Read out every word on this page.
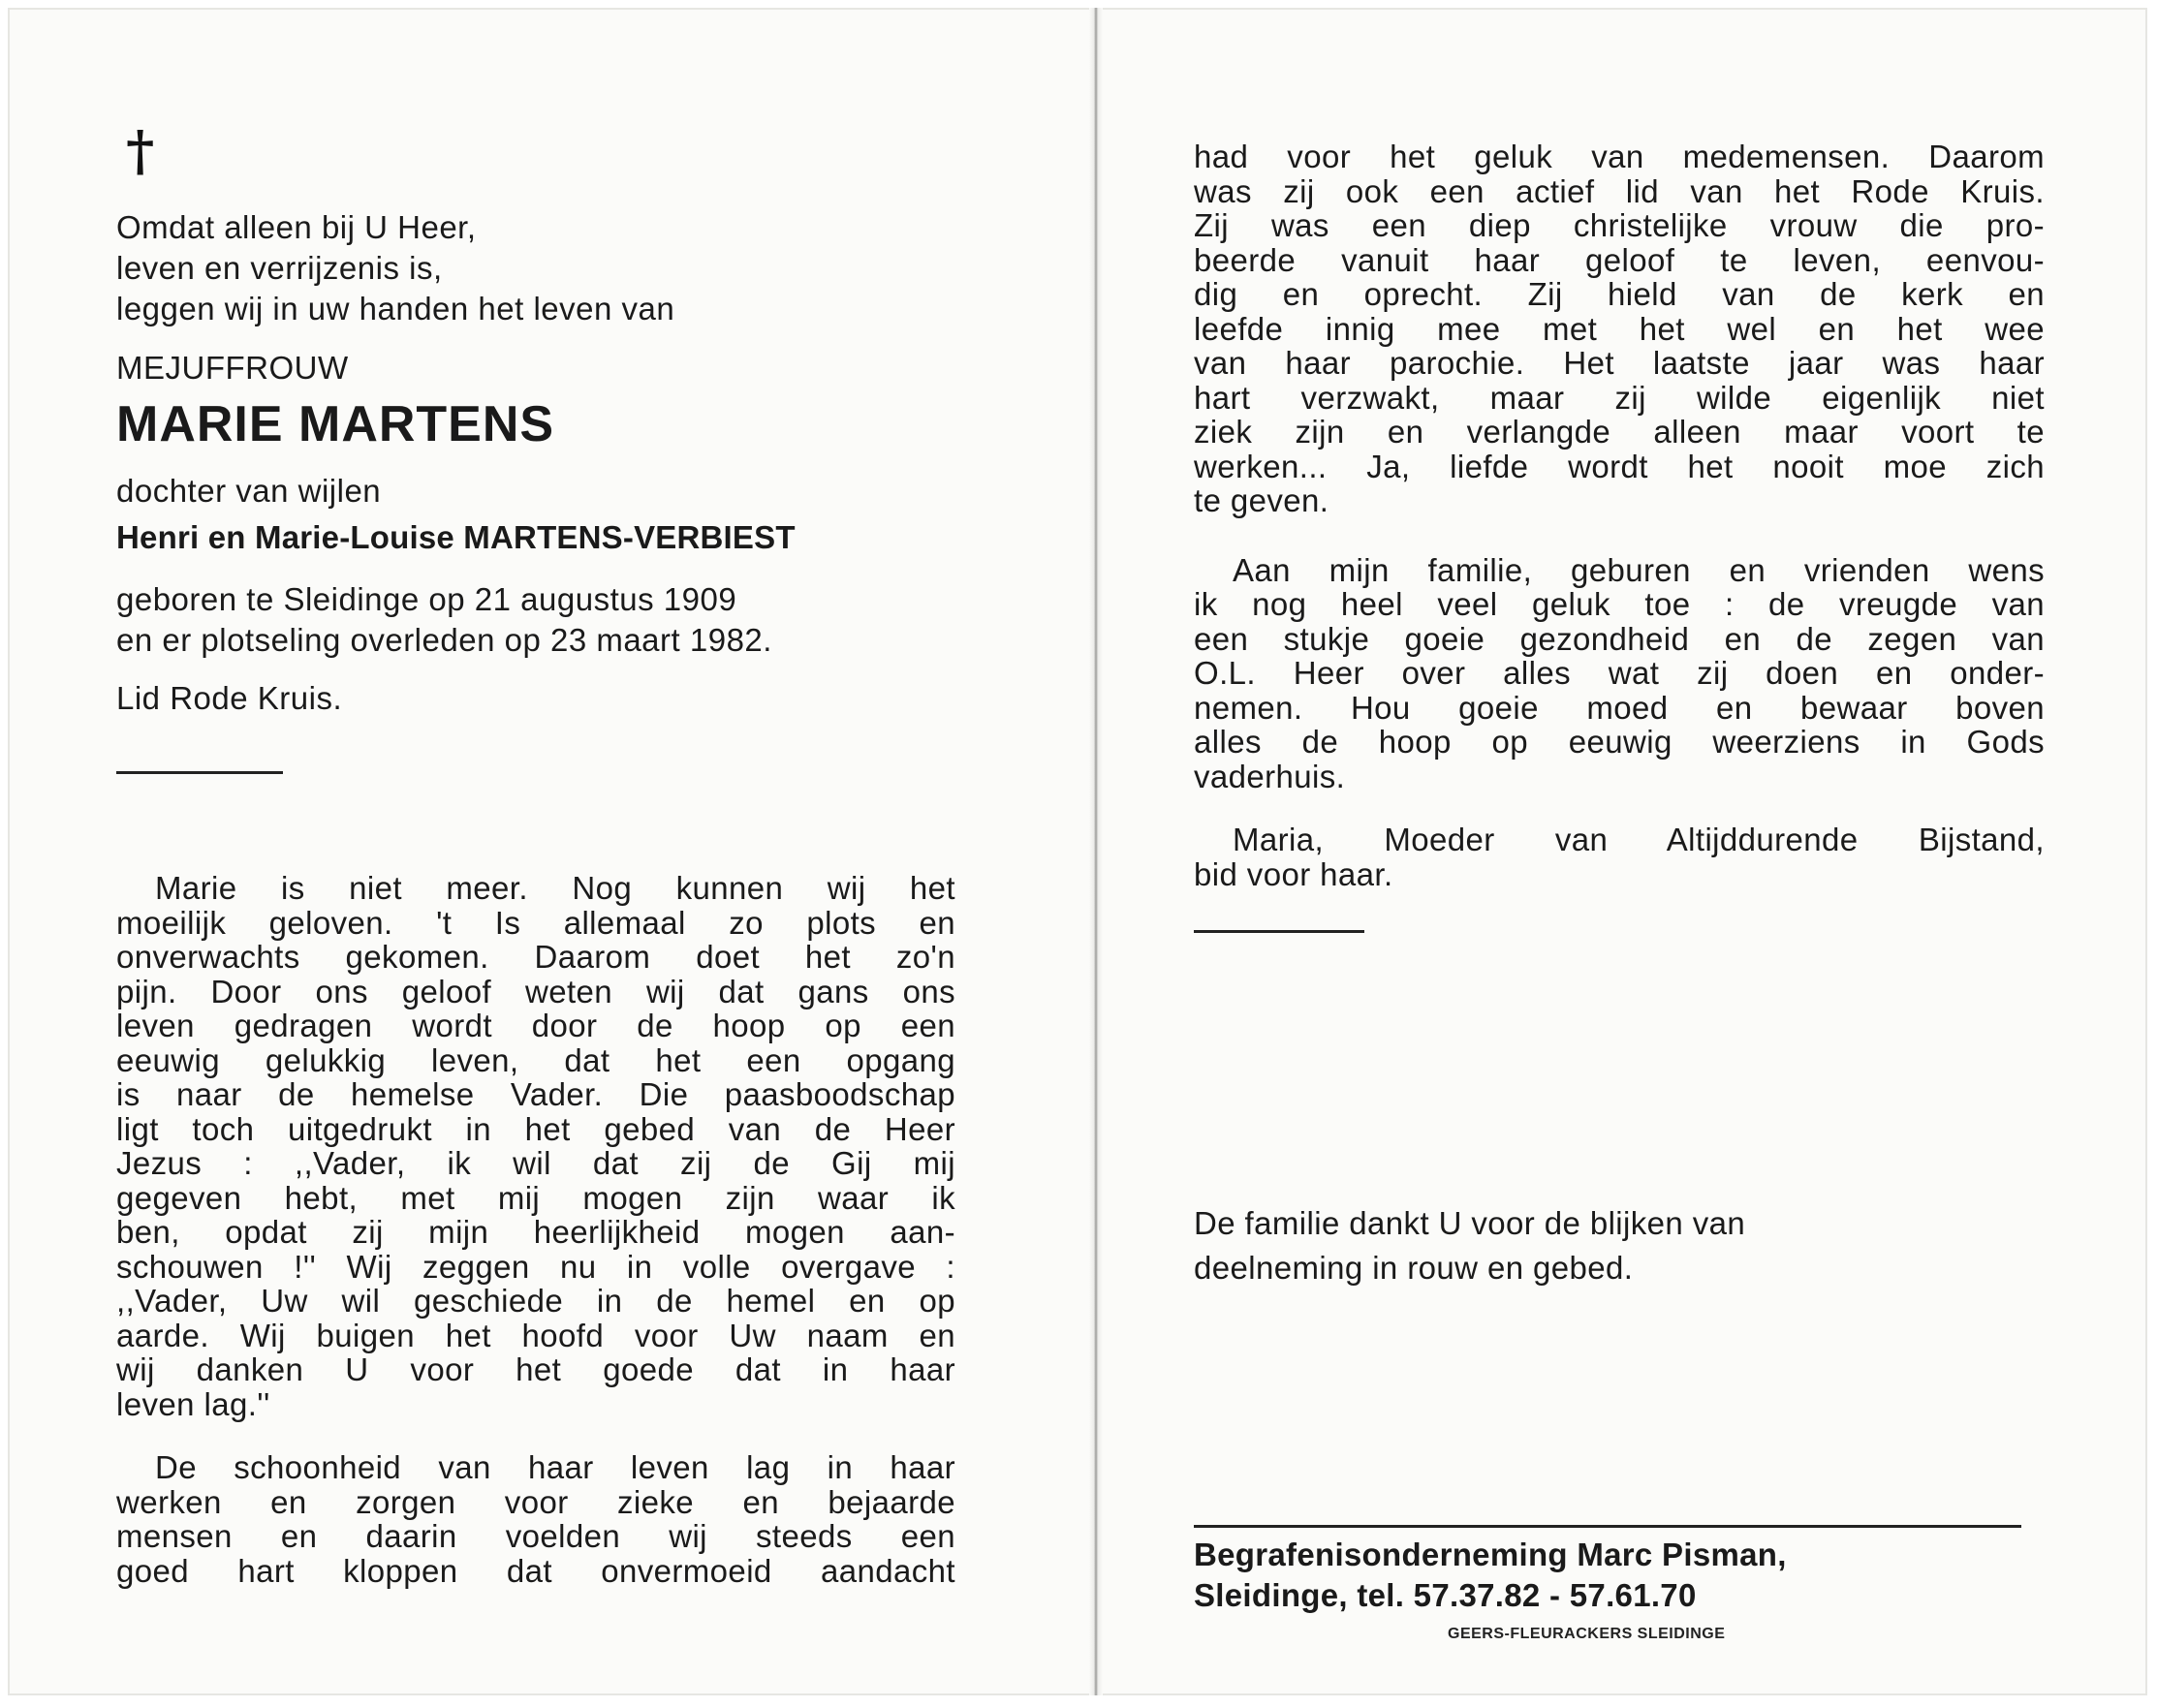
†
Omdat alleen bij U Heer,
leven en verrijzenis is,
leggen wij in uw handen het leven van
MEJUFFROUW
MARIE MARTENS
dochter van wijlen
Henri en Marie-Louise MARTENS-VERBIEST
geboren te Sleidinge op 21 augustus 1909
en er plotseling overleden op 23 maart 1982.
Lid Rode Kruis.
Marie is niet meer. Nog kunnen wij het
moeilijk geloven. 't Is allemaal zo plots en
onverwachts gekomen. Daarom doet het zo'n
pijn. Door ons geloof weten wij dat gans ons
leven gedragen wordt door de hoop op een
eeuwig gelukkig leven, dat het een opgang
is naar de hemelse Vader. Die paasboodschap
ligt toch uitgedrukt in het gebed van de Heer
Jezus : ,,Vader, ik wil dat zij de Gij mij
gegeven hebt, met mij mogen zijn waar ik
ben, opdat zij mijn heerlijkheid mogen aan-
schouwen !'' Wij zeggen nu in volle overgave :
,,Vader, Uw wil geschiede in de hemel en op
aarde. Wij buigen het hoofd voor Uw naam en
wij danken U voor het goede dat in haar
leven lag.''
De schoonheid van haar leven lag in haar
werken en zorgen voor zieke en bejaarde
mensen en daarin voelden wij steeds een
goed hart kloppen dat onvermoeid aandacht
had voor het geluk van medemensen. Daarom
was zij ook een actief lid van het Rode Kruis.
Zij was een diep christelijke vrouw die pro-
beerde vanuit haar geloof te leven, eenvou-
dig en oprecht. Zij hield van de kerk en
leefde innig mee met het wel en het wee
van haar parochie. Het laatste jaar was haar
hart verzwakt, maar zij wilde eigenlijk niet
ziek zijn en verlangde alleen maar voort te
werken... Ja, liefde wordt het nooit moe zich
te geven.
Aan mijn familie, geburen en vrienden wens
ik nog heel veel geluk toe : de vreugde van
een stukje goeie gezondheid en de zegen van
O.L. Heer over alles wat zij doen en onder-
nemen. Hou goeie moed en bewaar boven
alles de hoop op eeuwig weerziens in Gods
vaderhuis.
Maria, Moeder van Altijddurende Bijstand,
bid voor haar.
De familie dankt U voor de blijken van
deelneming in rouw en gebed.
Begrafenisonderneming Marc Pisman,
Sleidinge, tel. 57.37.82 - 57.61.70
GEERS-FLEURACKERS SLEIDINGE
